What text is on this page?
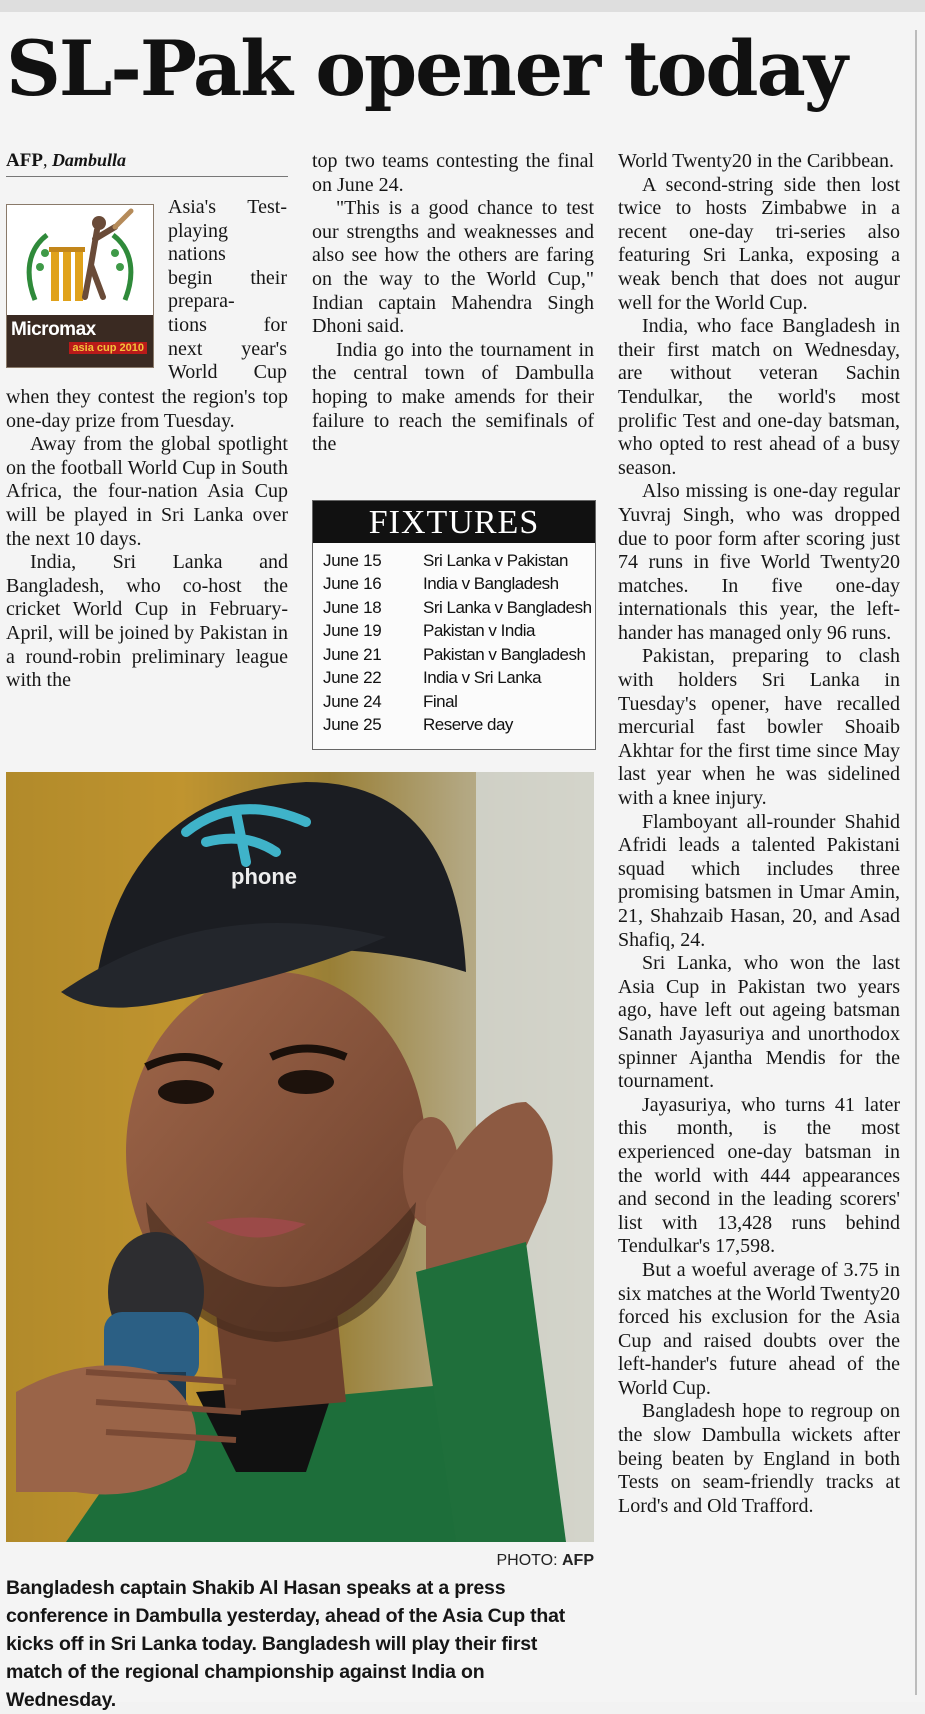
SL-Pak opener today
AFP, Dambulla
Micromax
asia cup 2010
Asia's Test-
playing
nations
begin their
prepara-
tions for
next year's
World Cup

when they contest the region's top one-day prize from Tuesday.

Away from the global spotlight on the football World Cup in South Africa, the four-nation Asia Cup will be played in Sri Lanka over the next 10 days.

India, Sri Lanka and Bangladesh, who co-host the cricket World Cup in February-April, will be joined by Pakistan in a round-robin preliminary league with the

top two teams contesting the final on June 24.

"This is a good chance to test our strengths and weaknesses and also see how the others are faring on the way to the World Cup," Indian captain Mahendra Singh Dhoni said.

India go into the tournament in the central town of Dambulla hoping to make amends for their failure to reach the semifinals of the

FIXTURES
June 15	Sri Lanka v Pakistan
June 16	India v Bangladesh
June 18	Sri Lanka v Bangladesh
June 19	Pakistan v India
June 21	Pakistan v Bangladesh
June 22	India v Sri Lanka
June 24	Final
June 25	Reserve day

World Twenty20 in the Caribbean.

A second-string side then lost twice to hosts Zimbabwe in a recent one-day tri-series also featuring Sri Lanka, exposing a weak bench that does not augur well for the World Cup.

India, who face Bangladesh in their first match on Wednesday, are without veteran Sachin Tendulkar, the world's most prolific Test and one-day batsman, who opted to rest ahead of a busy season.

Also missing is one-day regular Yuvraj Singh, who was dropped due to poor form after scoring just 74 runs in five World Twenty20 matches. In five one-day internationals this year, the left-hander has managed only 96 runs.

Pakistan, preparing to clash with holders Sri Lanka in Tuesday's opener, have recalled mercurial fast bowler Shoaib Akhtar for the first time since May last year when he was sidelined with a knee injury.

Flamboyant all-rounder Shahid Afridi leads a talented Pakistani squad which includes three promising batsmen in Umar Amin, 21, Shahzaib Hasan, 20, and Asad Shafiq, 24.

Sri Lanka, who won the last Asia Cup in Pakistan two years ago, have left out ageing batsman Sanath Jayasuriya and unorthodox spinner Ajantha Mendis for the tournament.

Jayasuriya, who turns 41 later this month, is the most experienced one-day batsman in the world with 444 appearances and second in the leading scorers' list with 13,428 runs behind Tendulkar's 17,598.

But a woeful average of 3.75 in six matches at the World Twenty20 forced his exclusion for the Asia Cup and raised doubts over the left-hander's future ahead of the World Cup.

Bangladesh hope to regroup on the slow Dambulla wickets after being beaten by England in both Tests on seam-friendly tracks at Lord's and Old Trafford.

phone
PHOTO: AFP

Bangladesh captain Shakib Al Hasan speaks at a press conference in Dambulla yesterday, ahead of the Asia Cup that kicks off in Sri Lanka today. Bangladesh will play their first match of the regional championship against India on Wednesday.
